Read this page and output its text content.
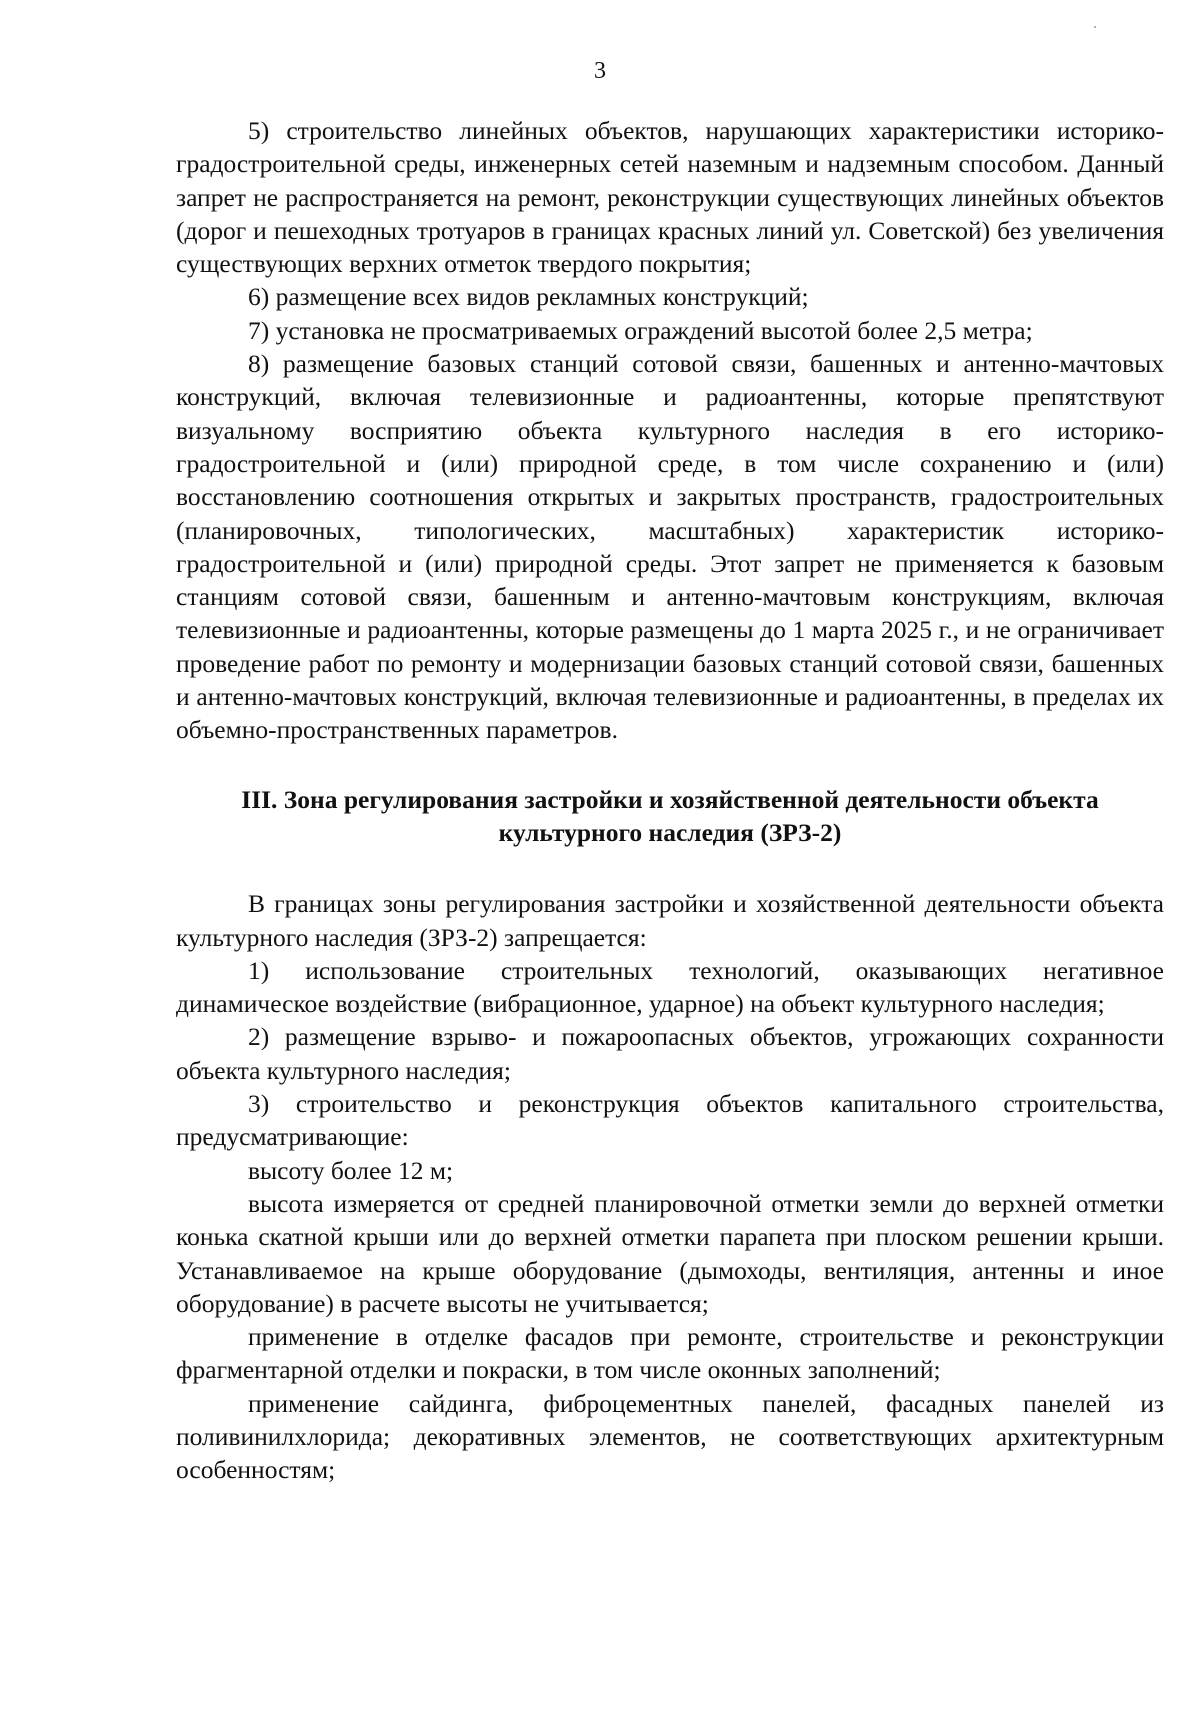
3

5) строительство линейных объектов, нарушающих характеристики историко-градостроительной среды, инженерных сетей наземным и надземным способом. Данный запрет не распространяется на ремонт, реконструкции существующих линейных объектов (дорог и пешеходных тротуаров в границах красных линий ул. Советской) без увеличения существующих верхних отметок твердого покрытия;

6) размещение всех видов рекламных конструкций;

7) установка не просматриваемых ограждений высотой более 2,5 метра;

8) размещение базовых станций сотовой связи, башенных и антенно-мачтовых конструкций, включая телевизионные и радиоантенны, которые препятствуют визуальному восприятию объекта культурного наследия в его историко-градостроительной и (или) природной среде, в том числе сохранению и (или) восстановлению соотношения открытых и закрытых пространств, градостроительных (планировочных, типологических, масштабных) характеристик историко-градостроительной и (или) природной среды. Этот запрет не применяется к базовым станциям сотовой связи, башенным и антенно-мачтовым конструкциям, включая телевизионные и радиоантенны, которые размещены до 1 марта 2025 г., и не ограничивает проведение работ по ремонту и модернизации базовых станций сотовой связи, башенных и антенно-мачтовых конструкций, включая телевизионные и радиоантенны, в пределах их объемно-пространственных параметров.

III. Зона регулирования застройки и хозяйственной деятельности объекта
культурного наследия (ЗРЗ-2)

В границах зоны регулирования застройки и хозяйственной деятельности объекта культурного наследия (ЗРЗ-2) запрещается:

1) использование строительных технологий, оказывающих негативное динамическое воздействие (вибрационное, ударное) на объект культурного наследия;

2) размещение взрыво- и пожароопасных объектов, угрожающих сохранности объекта культурного наследия;

3) строительство и реконструкция объектов капитального строительства, предусматривающие:

высоту более 12 м;

высота измеряется от средней планировочной отметки земли до верхней отметки конька скатной крыши или до верхней отметки парапета при плоском решении крыши. Устанавливаемое на крыше оборудование (дымоходы, вентиляция, антенны и иное оборудование) в расчете высоты не учитывается;

применение в отделке фасадов при ремонте, строительстве и реконструкции фрагментарной отделки и покраски, в том числе оконных заполнений;

применение сайдинга, фиброцементных панелей, фасадных панелей из поливинилхлорида; декоративных элементов, не соответствующих архитектурным особенностям;
